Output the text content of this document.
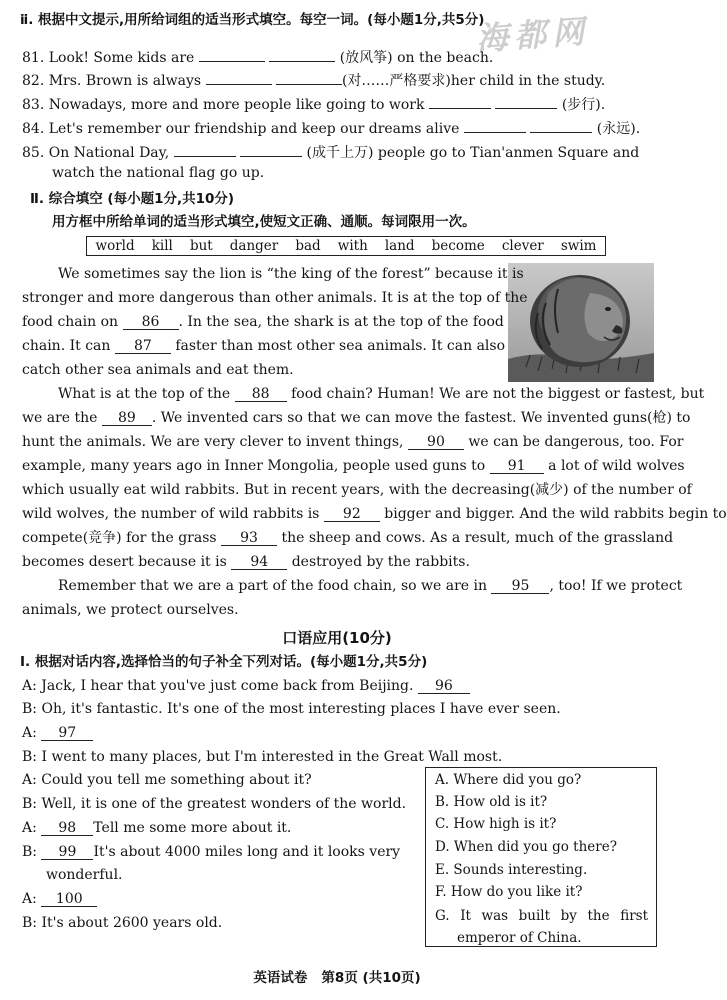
海都网
ⅱ. 根据中文提示,用所给词组的适当形式填空。每空一词。(每小题1分,共5分)
81. Look! Some kids are	(放风筝) on the beach.
82. Mrs. Brown is always	(对……严格要求)her child in the study.
83. Nowadays, more and more people like going to work	(步行).
84. Let's remember our friendship and keep our dreams alive	(永远).
85. On National Day,	(成千上万) people go to Tian'anmen Square and
watch the national flag go up.
Ⅱ. 综合填空 (每小题1分,共10分)
用方框中所给单词的适当形式填空,使短文正确、通顺。每词限用一次。
world kill but danger bad with land become clever swim
We sometimes say the lion is “the king of the forest” because it is
stronger and more dangerous than other animals. It is at the top of the
food chain on 86 . In the sea, the shark is at the top of the food
chain. It can 87 faster than most other sea animals. It can also
catch other sea animals and eat them.
What is at the top of the 88 food chain? Human! We are not the biggest or fastest, but
we are the 89 . We invented cars so that we can move the fastest. We invented guns(枪) to
hunt the animals. We are very clever to invent things, 90 we can be dangerous, too. For
example, many years ago in Inner Mongolia, people used guns to 91 a lot of wild wolves
which usually eat wild rabbits. But in recent years, with the decreasing(减少) of the number of
wild wolves, the number of wild rabbits is 92 bigger and bigger. And the wild rabbits begin to
compete(竞争) for the grass 93 the sheep and cows. As a result, much of the grassland
becomes desert because it is 94 destroyed by the rabbits.
Remember that we are a part of the food chain, so we are in 95 , too! If we protect
animals, we protect ourselves.
口语应用(10分)
Ⅰ. 根据对话内容,选择恰当的句子补全下列对话。(每小题1分,共5分)
A: Jack, I hear that you've just come back from Beijing. 96
B: Oh, it's fantastic. It's one of the most interesting places I have ever seen.
A: 97
B: I went to many places, but I'm interested in the Great Wall most.
A: Could you tell me something about it?
B: Well, it is one of the greatest wonders of the world.
A: 98 Tell me some more about it.
B: 99 It's about 4000 miles long and it looks very
wonderful.
A: 100
B: It's about 2600 years old.
A. Where did you go?
B. How old is it?
C. How high is it?
D. When did you go there?
E. Sounds interesting.
F. How do you like it?
G. It was built by the first
emperor of China.
英语试卷   第8页 (共10页)
